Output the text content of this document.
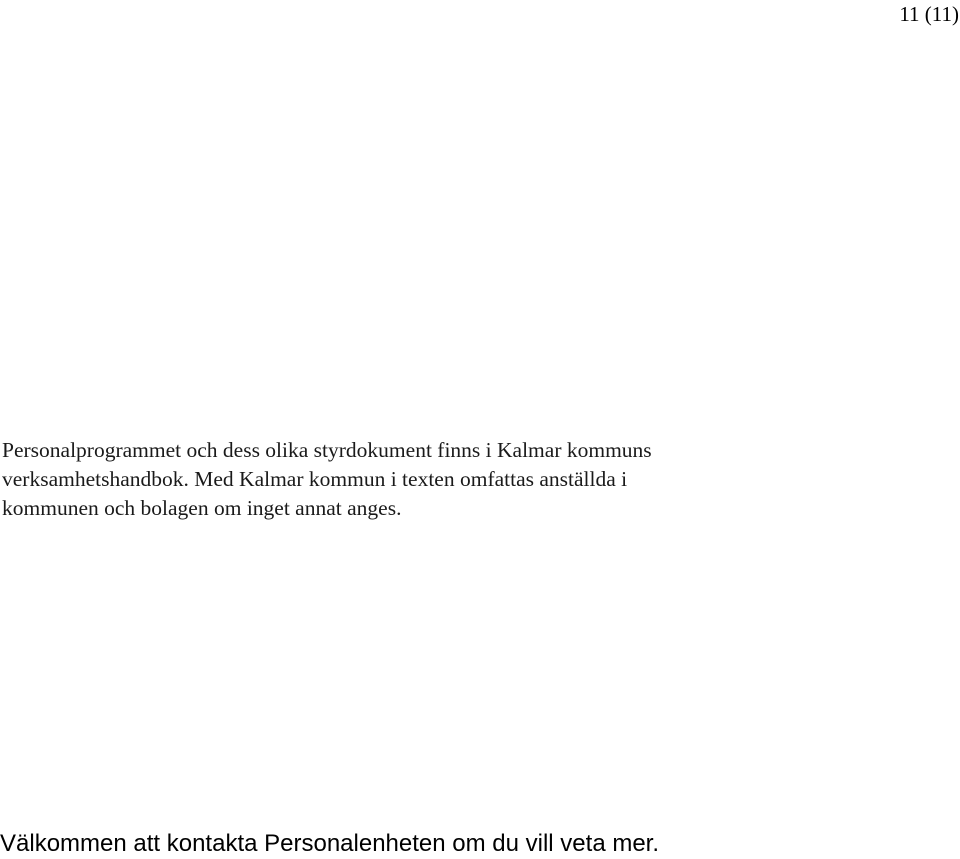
11 (11)

Personalprogrammet och dess olika styrdokument finns i Kalmar kommuns
verksamhetshandbok. Med Kalmar kommun i texten omfattas anställda i
kommunen och bolagen om inget annat anges.

Välkommen att kontakta Personalenheten om du vill veta mer.
